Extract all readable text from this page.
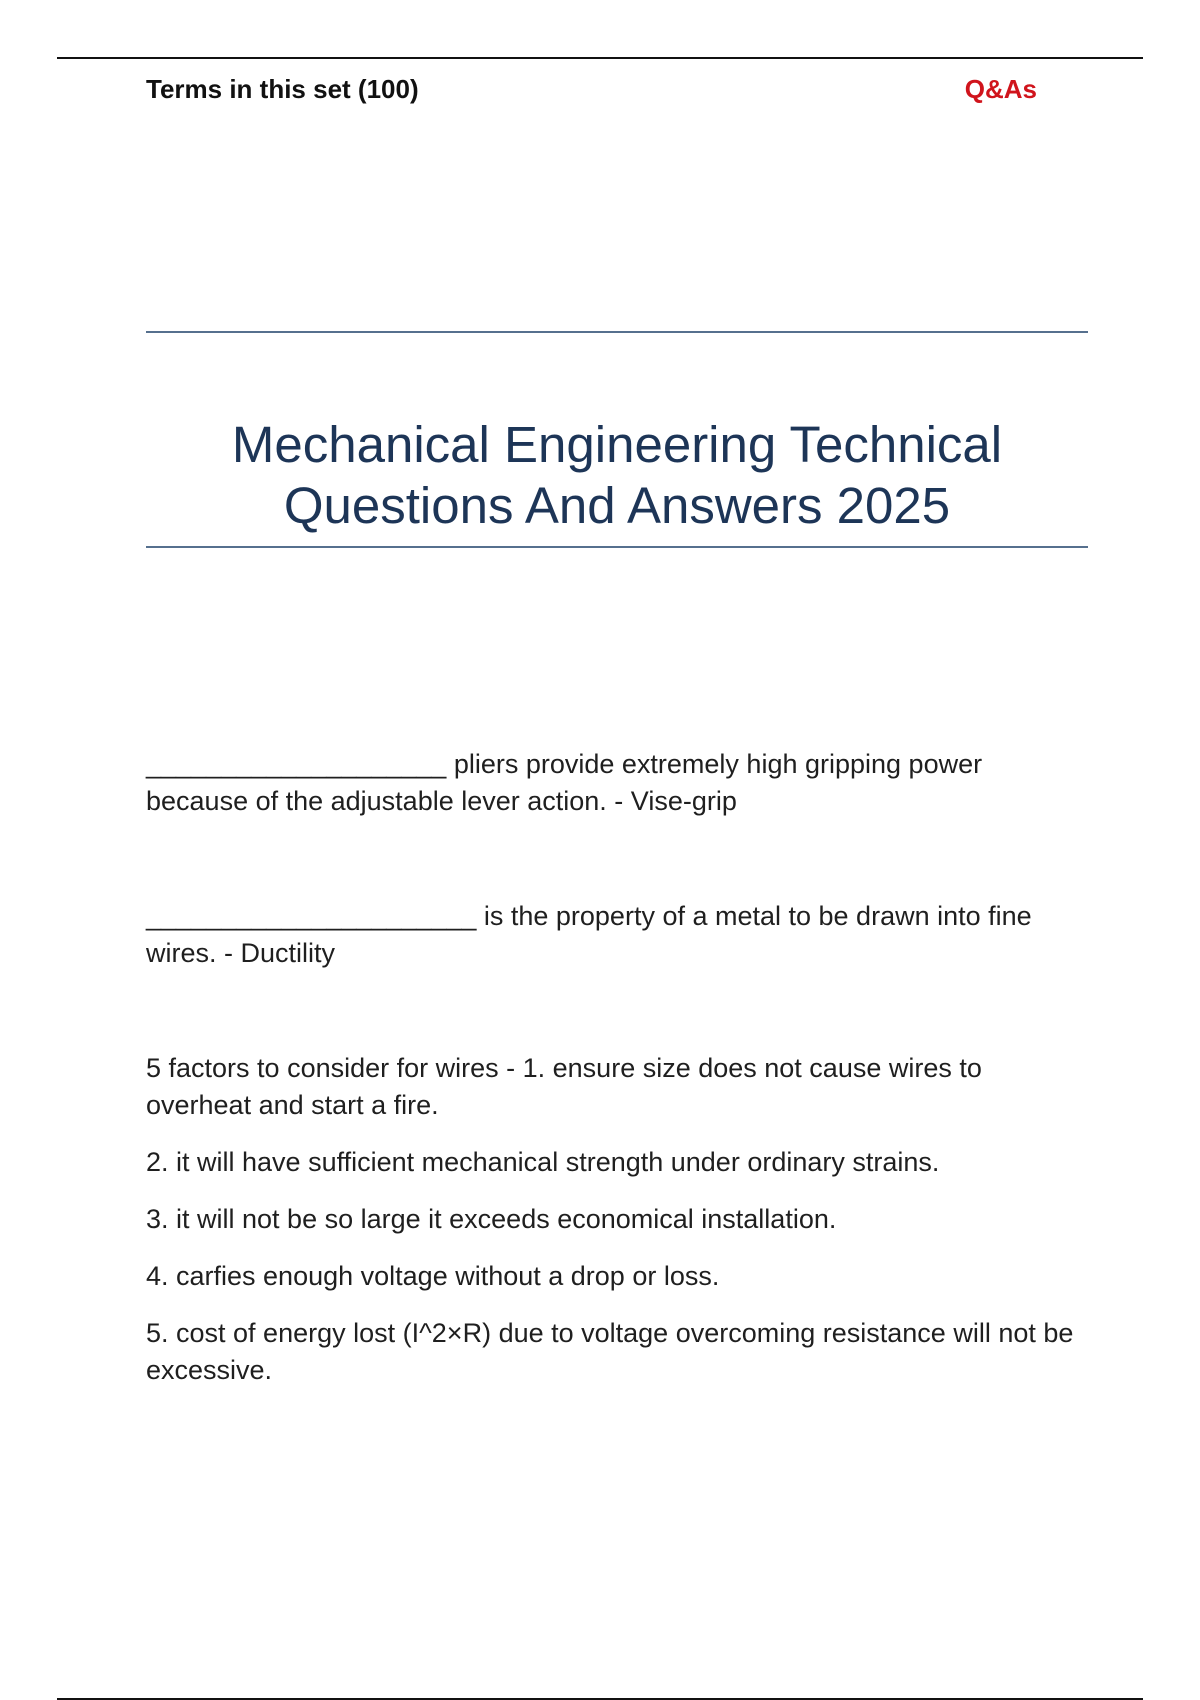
Terms in this set (100)	Q&As
Mechanical Engineering Technical
Questions And Answers 2025

____________________ pliers provide extremely high gripping power because of the adjustable lever action. - Vise-grip

______________________ is the property of a metal to be drawn into fine wires. - Ductility

5 factors to consider for wires - 1. ensure size does not cause wires to overheat and start a fire.

2. it will have sufficient mechanical strength under ordinary strains.

3. it will not be so large it exceeds economical installation.

4. carfies enough voltage without a drop or loss.

5. cost of energy lost (I^2×R) due to voltage overcoming resistance will not be excessive.
